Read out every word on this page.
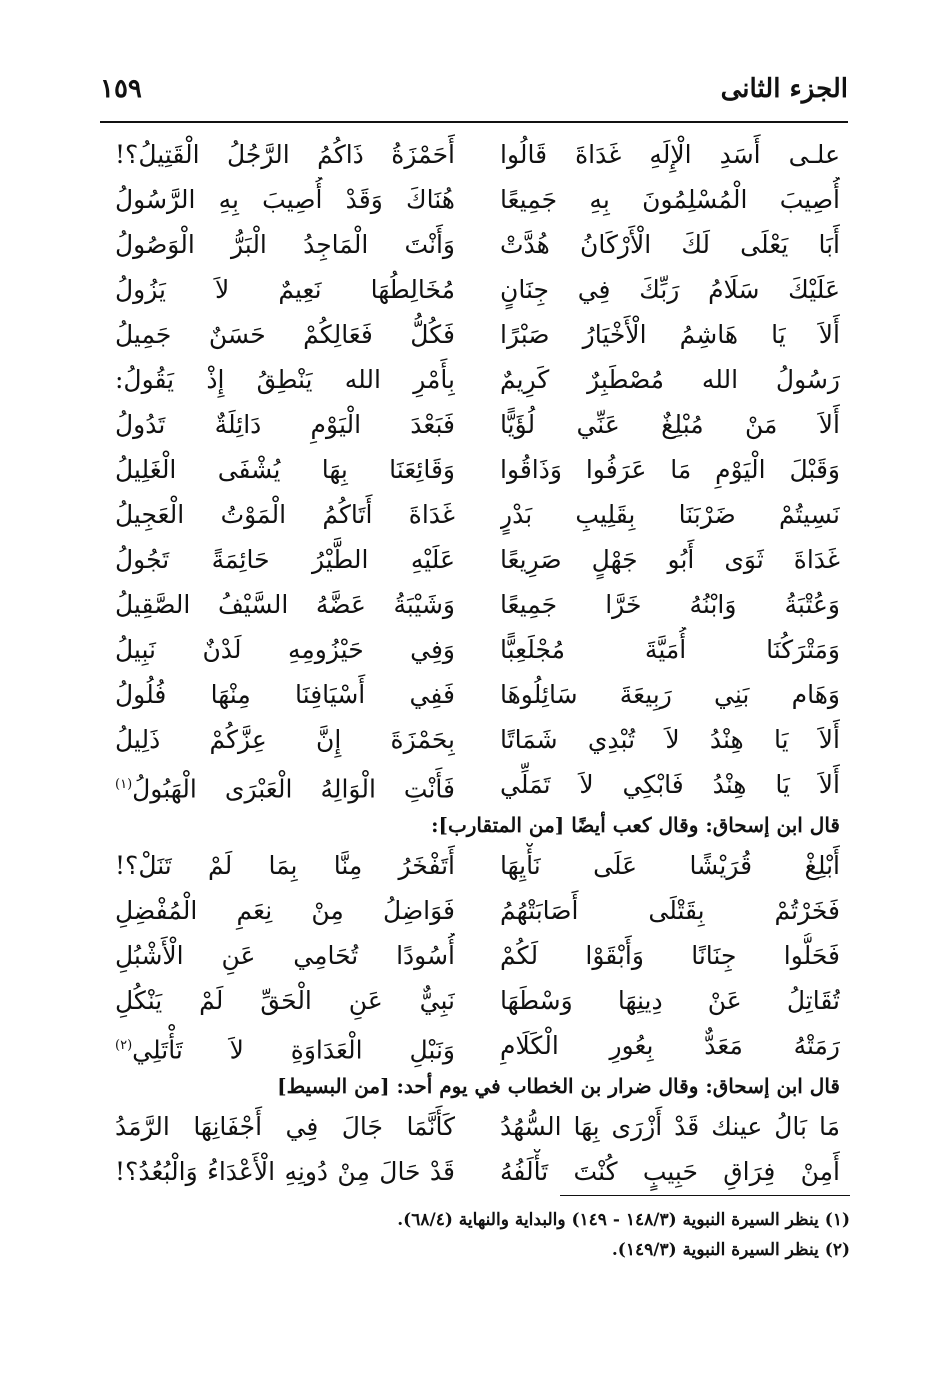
الجزء الثانى
١٥٩
علـى أَسَدِ الْإِلَهِ غَدَاةَ قَالُوا
أَحَمْزَةُ ذَاكُمُ الرَّجُلُ الْقَتِيلُ؟!
أُصِيبَ الْمُسْلِمُونَ بِهِ جَمِيعًا
هُنَاكَ وَقَدْ أُصِيبَ بِهِ الرَّسُولُ
أَبَا يَعْلَى لَكَ الْأَرْكَانُ هُدَّتْ
وَأَنْتَ الْمَاجِدُ الْبَرُّ الْوَصُولُ
عَلَيْكَ سَلَامُ رَبِّكَ فِي جِنَانٍ
مُخَالِطُهَا نَعِيمٌ لاَ يَزُولُ
أَلاَ يَا هَاشِمُ الْأَخْيَارُ صَبْرًا
فَكُلُّ فَعَالِكُمْ حَسَنٌ جَمِيلُ
رَسُولُ الله مُصْطَبِرٌ كَرِيمٌ
بِأَمْرِ الله يَنْطِقُ إِذْ يَقُولُ:
أَلاَ مَنْ مُبْلِغٌ عَنِّي لُؤَيًّا
فَبَعْدَ الْيَوْمِ دَائِلَةٌ تَدُولُ
وَقَبْلَ الْيَوْمِ مَا عَرَفُوا وَذَاقُوا
وَقَائِعَنَا بِهَا يُشْفَى الْغَلِيلُ
نَسِيتُمْ ضَرْبَنَا بِقَلِيبِ بَدْرٍ
غَدَاةَ أَتَاكُمُ الْمَوْتُ الْعَجِيلُ
غَدَاةَ ثَوَى أَبُو جَهْلٍ صَرِيعًا
عَلَيْهِ الطَّيْرُ حَائِمَةً تَجُولُ
وَعُتْبَةُ وَابْنُهُ خَرَّا جَمِيعًا
وَشَيْبَةُ عَضَّهُ السَّيْفُ الصَّقِيلُ
وَمَتْرَكُنَا أُمَيَّةَ مُجْلَعِبًّا
وَفِي حَيْزُومِهِ لَدْنٌ نَبِيلُ
وَهَام بَنِي رَبِيعَةَ سَائِلُوهَا
فَفِي أَسْيَافِنَا مِنْهَا فُلُولُ
أَلاَ يَا هِنْدُ لاَ تُبْدِي شَمَاتًا
بِحَمْزَةَ إِنَّ عِزَّكُمْ ذَلِيلُ
أَلاَ يَا هِنْدُ فَابْكِي لاَ تَمَلِّي
فَأَنْتِ الْوَالِهُ الْعَبْرَى الْهَبُولُ$^{(١)}$
قال ابن إسحاق: وقال كعب أيضًا [من المتقارب]:
أَبْلِغْ قُرَيْشًا عَلَى نَأْيِهَا
أَتَفْخَرُ مِنَّا بِمَا لَمْ تَنَلْ؟!
فَخَرْتُمْ بِقَتْلَى أَصَابَتْهُمُ
فَوَاضِلُ مِنْ نِعَمِ الْمُفْضِلِ
فَحَلُّوا جِنَانًا وَأَبْقَوْا لَكُمْ
أُسُودًا تُحَامِي عَنِ الْأَشْبُلِ
تُقَاتِلُ عَنْ دِينِهَا وَسْطَهَا
نَبِيٌّ عَنِ الْحَقِّ لَمْ يَنْكُلِ
رَمَتْهُ مَعَدٌّ بِعُورِ الْكَلَامِ
وَنَبْلِ الْعَدَاوَةِ لاَ تَأْتَلِي$^{(٢)}$
قال ابن إسحاق: وقال ضرار بن الخطاب في يوم أحد: [من البسيط]
مَا بَالُ عينك قَدْ أَزْرَى بِهَا السُّهُدُ
كَأَنَّمَا جَالَ فِي أَجْفَانِهَا الرَّمَدُ
أَمِنْ فِرَاقِ حَبِيبٍ كُنْتَ تَأْلَفُهُ
قَدْ حَالَ مِنْ دُونِهِ الْأَعْدَاءُ وَالْبُعُدُ؟!
(١) ينظر السيرة النبوية (١٤٨/٣ - ١٤٩) والبداية والنهاية (٦٨/٤).
(٢) ينظر السيرة النبوية (١٤٩/٣).
